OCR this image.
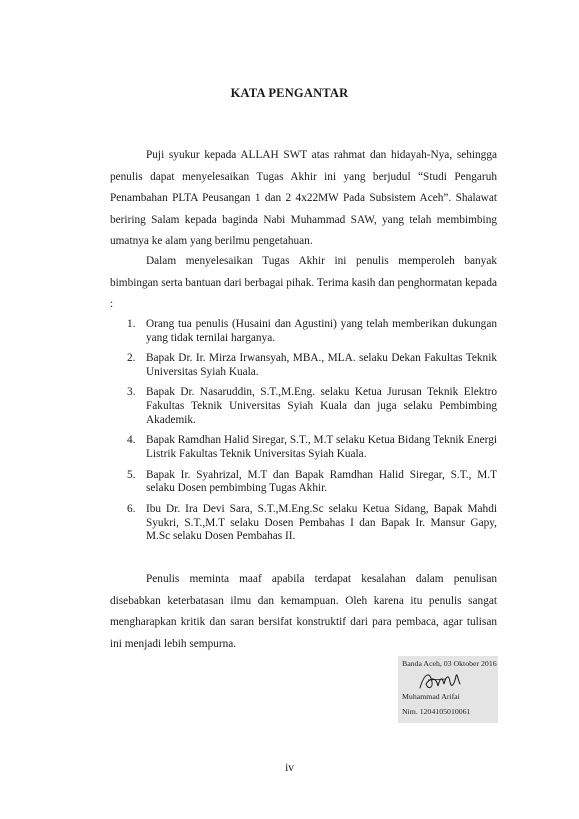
KATA PENGANTAR

Puji syukur kepada ALLAH SWT atas rahmat dan hidayah-Nya, sehingga penulis dapat menyelesaikan Tugas Akhir ini yang berjudul “Studi Pengaruh Penambahan PLTA Peusangan 1 dan 2 4x22MW Pada Subsistem Aceh”. Shalawat beriring Salam kepada baginda Nabi Muhammad SAW, yang telah membimbing umatnya ke alam yang berilmu pengetahuan.

Dalam menyelesaikan Tugas Akhir ini penulis memperoleh banyak bimbingan serta bantuan dari berbagai pihak. Terima kasih dan penghormatan kepada :

1. Orang tua penulis (Husaini dan Agustini) yang telah memberikan dukungan yang tidak ternilai harganya.
2. Bapak Dr. Ir. Mirza Irwansyah, MBA., MLA. selaku Dekan Fakultas Teknik Universitas Syiah Kuala.
3. Bapak Dr. Nasaruddin, S.T.,M.Eng. selaku Ketua Jurusan Teknik Elektro Fakultas Teknik Universitas Syiah Kuala dan juga selaku Pembimbing Akademik.
4. Bapak Ramdhan Halid Siregar, S.T., M.T selaku Ketua Bidang Teknik Energi Listrik Fakultas Teknik Universitas Syiah Kuala.
5. Bapak Ir. Syahrizal, M.T dan Bapak Ramdhan Halid Siregar, S.T., M.T selaku Dosen pembimbing Tugas Akhir.
6. Ibu Dr. Ira Devi Sara, S.T.,M.Eng.Sc selaku Ketua Sidang, Bapak Mahdi Syukri, S.T.,M.T selaku Dosen Pembahas I dan Bapak Ir. Mansur Gapy, M.Sc selaku Dosen Pembahas II.

Penulis meminta maaf apabila terdapat kesalahan dalam penulisan disebabkan keterbatasan ilmu dan kemampuan. Oleh karena itu penulis sangat mengharapkan kritik dan saran bersifat konstruktif dari para pembaca, agar tulisan ini menjadi lebih sempurna.

Banda Aceh, 03 Oktober 2016
Muhammad Arifai
Nim. 1204105010061
iv
